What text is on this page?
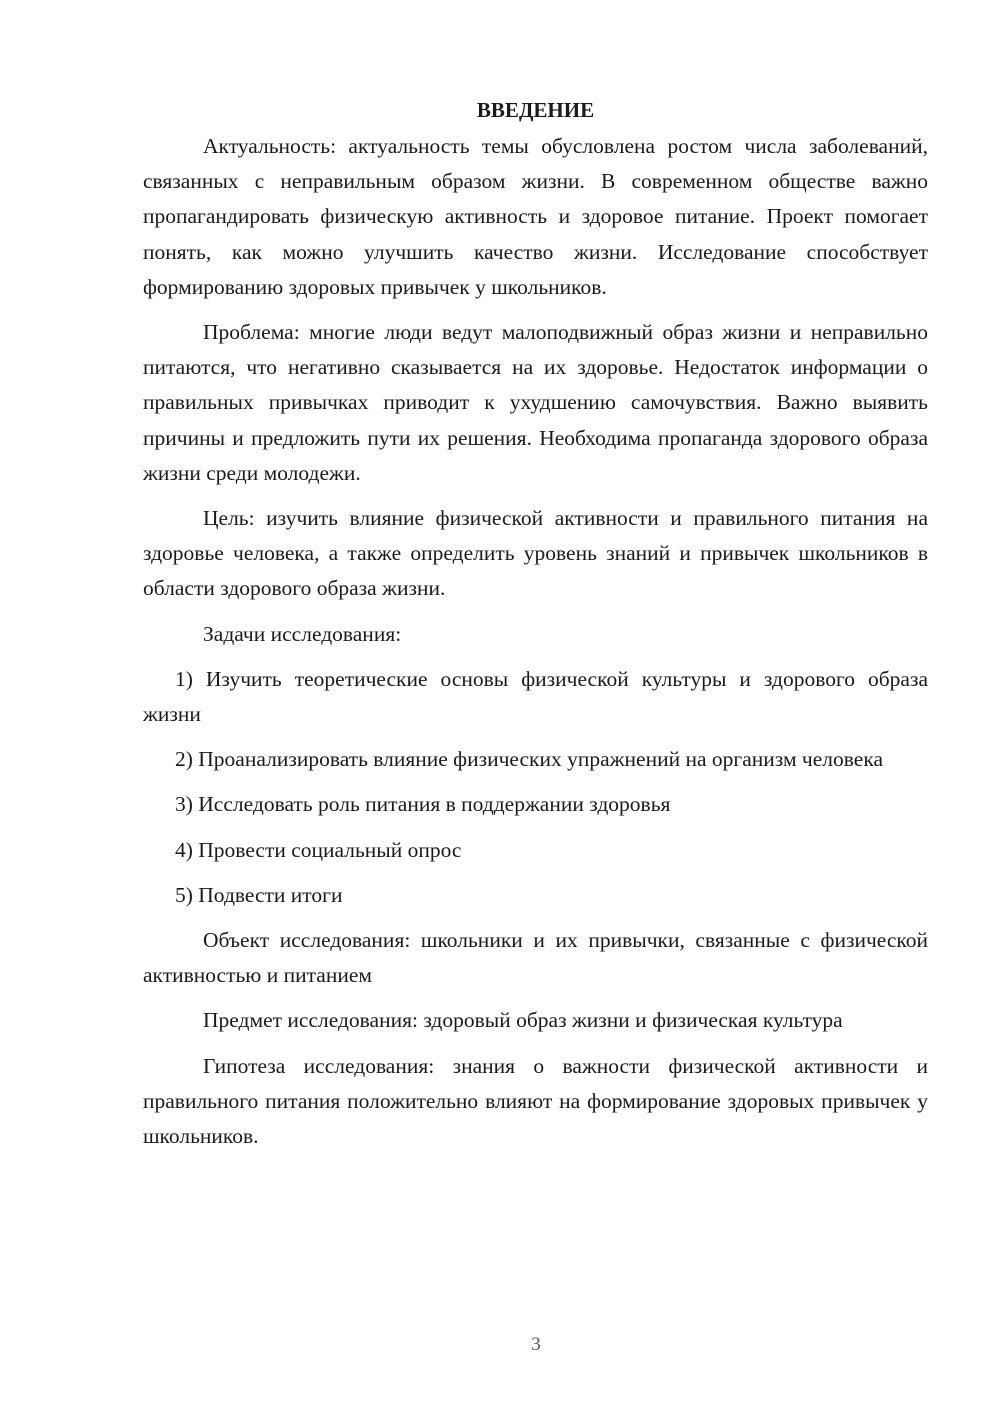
ВВЕДЕНИЕ

Актуальность: актуальность темы обусловлена ростом числа заболеваний, связанных с неправильным образом жизни. В современном обществе важно пропагандировать физическую активность и здоровое питание. Проект помогает понять, как можно улучшить качество жизни. Исследование способствует формированию здоровых привычек у школьников.

Проблема: многие люди ведут малоподвижный образ жизни и неправильно питаются, что негативно сказывается на их здоровье. Недостаток информации о правильных привычках приводит к ухудшению самочувствия. Важно выявить причины и предложить пути их решения. Необходима пропаганда здорового образа жизни среди молодежи.

Цель: изучить влияние физической активности и правильного питания на здоровье человека, а также определить уровень знаний и привычек школьников в области здорового образа жизни.

Задачи исследования:

1) Изучить теоретические основы физической культуры и здорового образа жизни

2) Проанализировать влияние физических упражнений на организм человека

3) Исследовать роль питания в поддержании здоровья

4) Провести социальный опрос

5) Подвести итоги

Объект исследования: школьники и их привычки, связанные с физической активностью и питанием

Предмет исследования: здоровый образ жизни и физическая культура

Гипотеза исследования: знания о важности физической активности и правильного питания положительно влияют на формирование здоровых привычек у школьников.

3
